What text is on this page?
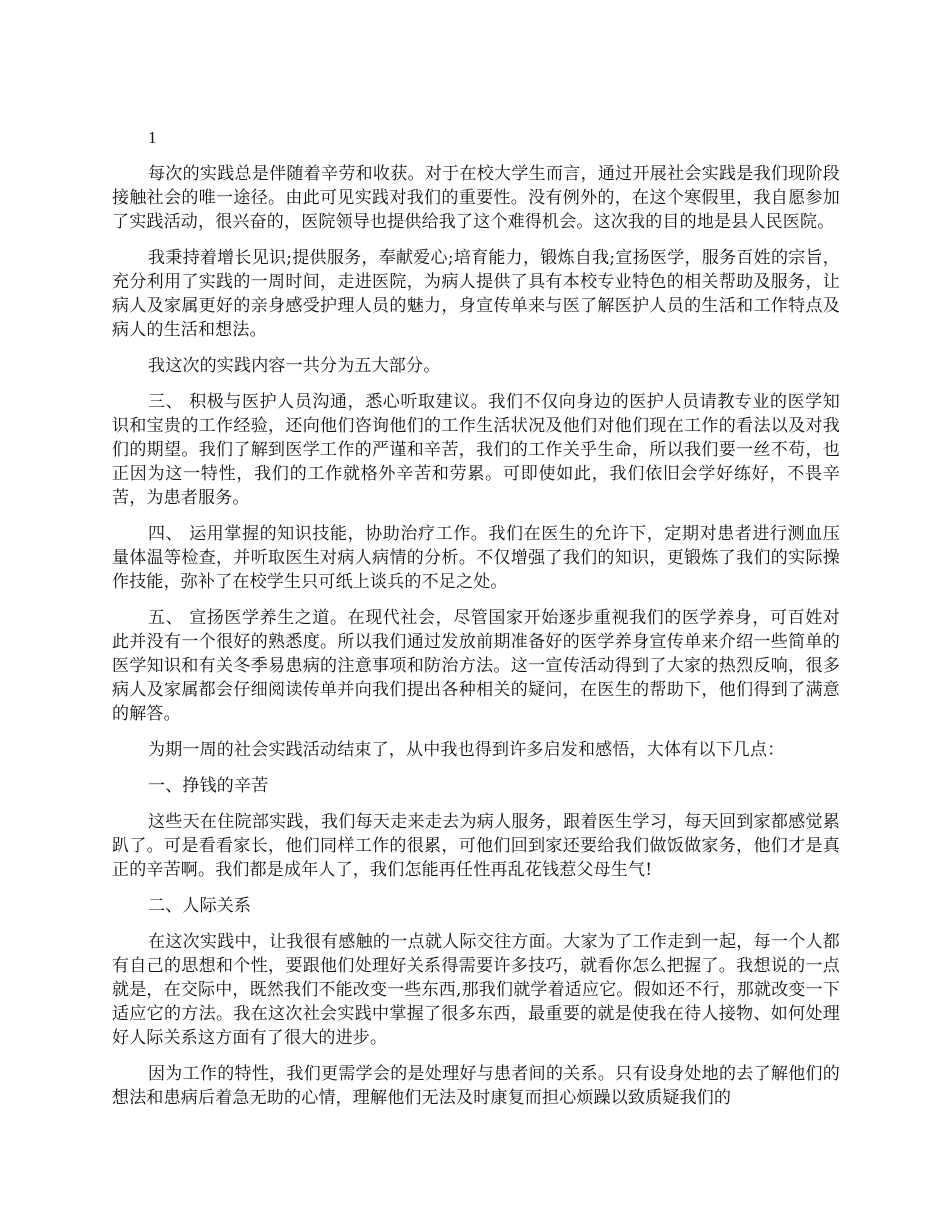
1

每次的实践总是伴随着辛劳和收获。对于在校大学生而言，通过开展社会实践是我们现阶段接触社会的唯一途径。由此可见实践对我们的重要性。没有例外的，在这个寒假里，我自愿参加了实践活动，很兴奋的，医院领导也提供给我了这个难得机会。这次我的目的地是县人民医院。

我秉持着增长见识;提供服务，奉献爱心;培育能力，锻炼自我;宣扬医学，服务百姓的宗旨，充分利用了实践的一周时间，走进医院，为病人提供了具有本校专业特色的相关帮助及服务，让病人及家属更好的亲身感受护理人员的魅力，身宣传单来与医了解医护人员的生活和工作特点及病人的生活和想法。

我这次的实践内容一共分为五大部分。

三、 积极与医护人员沟通，悉心听取建议。我们不仅向身边的医护人员请教专业的医学知识和宝贵的工作经验，还向他们咨询他们的工作生活状况及他们对他们现在工作的看法以及对我们的期望。我们了解到医学工作的严谨和辛苦，我们的工作关乎生命，所以我们要一丝不苟，也正因为这一特性，我们的工作就格外辛苦和劳累。可即使如此，我们依旧会学好练好，不畏辛苦，为患者服务。

四、 运用掌握的知识技能，协助治疗工作。我们在医生的允许下，定期对患者进行测血压量体温等检查，并听取医生对病人病情的分析。不仅增强了我们的知识，更锻炼了我们的实际操作技能，弥补了在校学生只可纸上谈兵的不足之处。

五、 宣扬医学养生之道。在现代社会，尽管国家开始逐步重视我们的医学养身，可百姓对此并没有一个很好的熟悉度。所以我们通过发放前期准备好的医学养身宣传单来介绍一些简单的医学知识和有关冬季易患病的注意事项和防治方法。这一宣传活动得到了大家的热烈反响，很多病人及家属都会仔细阅读传单并向我们提出各种相关的疑问，在医生的帮助下，他们得到了满意的解答。

为期一周的社会实践活动结束了，从中我也得到许多启发和感悟，大体有以下几点：

一、挣钱的辛苦

这些天在住院部实践，我们每天走来走去为病人服务，跟着医生学习，每天回到家都感觉累趴了。可是看看家长，他们同样工作的很累，可他们回到家还要给我们做饭做家务，他们才是真正的辛苦啊。我们都是成年人了，我们怎能再任性再乱花钱惹父母生气!

二、人际关系

在这次实践中，让我很有感触的一点就人际交往方面。大家为了工作走到一起，每一个人都有自己的思想和个性，要跟他们处理好关系得需要许多技巧，就看你怎么把握了。我想说的一点就是，在交际中，既然我们不能改变一些东西,那我们就学着适应它。假如还不行，那就改变一下适应它的方法。我在这次社会实践中掌握了很多东西，最重要的就是使我在待人接物、如何处理好人际关系这方面有了很大的进步。

因为工作的特性，我们更需学会的是处理好与患者间的关系。只有设身处地的去了解他们的想法和患病后着急无助的心情，理解他们无法及时康复而担心烦躁以致质疑我们的
